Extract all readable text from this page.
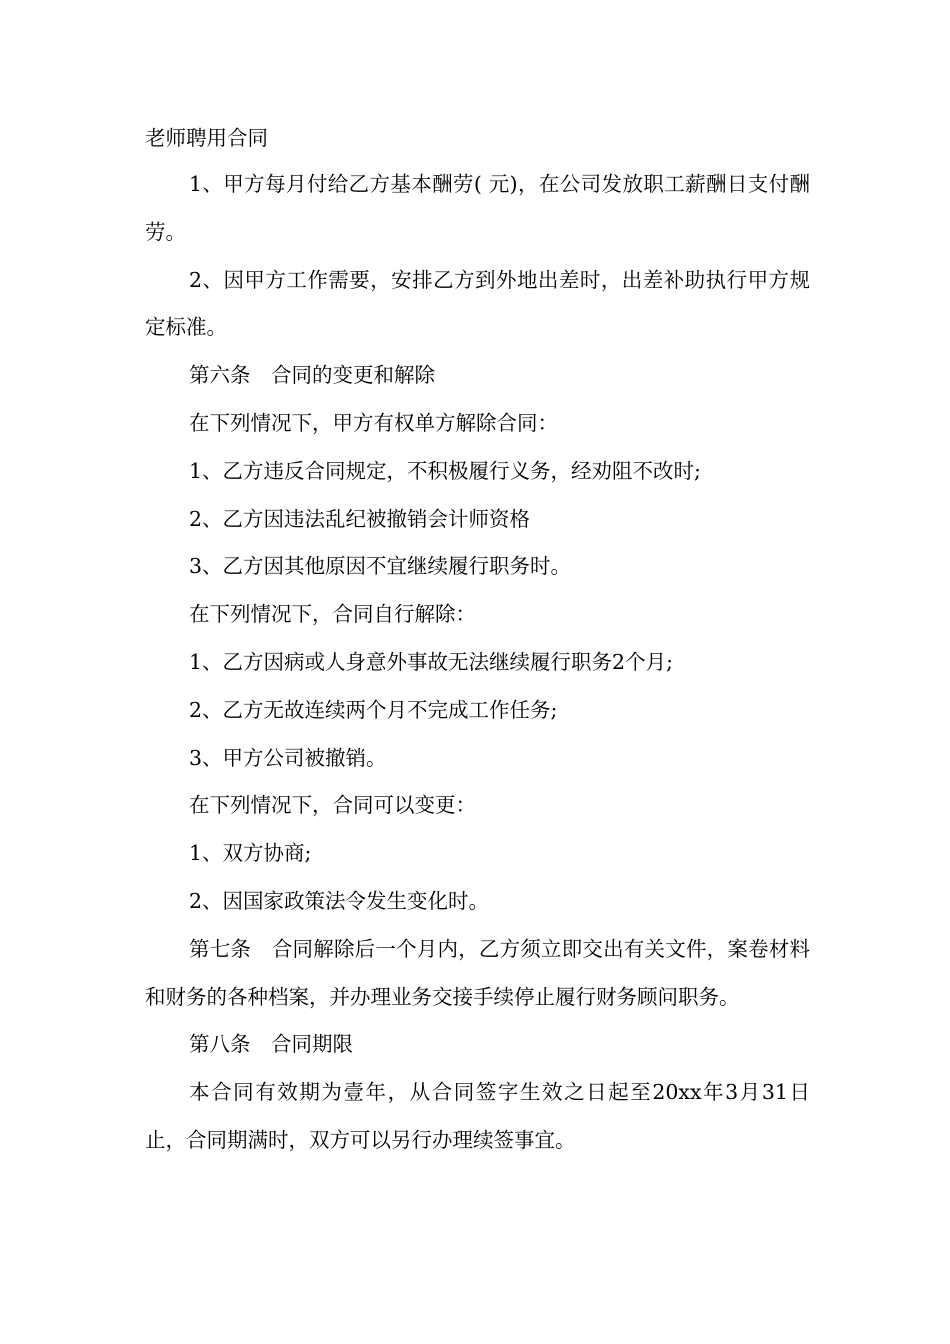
老师聘用合同

1、甲方每月付给乙方基本酬劳( 元)，在公司发放职工薪酬日支付酬劳。

2、因甲方工作需要，安排乙方到外地出差时，出差补助执行甲方规定标准。

第六条　合同的变更和解除

在下列情况下，甲方有权单方解除合同：

1、乙方违反合同规定，不积极履行义务，经劝阻不改时;

2、乙方因违法乱纪被撤销会计师资格

3、乙方因其他原因不宜继续履行职务时。

在下列情况下，合同自行解除：

1、乙方因病或人身意外事故无法继续履行职务2个月;

2、乙方无故连续两个月不完成工作任务;

3、甲方公司被撤销。

在下列情况下，合同可以变更：

1、双方协商;

2、因国家政策法令发生变化时。

第七条　合同解除后一个月内，乙方须立即交出有关文件，案卷材料和财务的各种档案，并办理业务交接手续停止履行财务顾问职务。

第八条　合同期限

本合同有效期为壹年，从合同签字生效之日起至20xx年3月31日止，合同期满时，双方可以另行办理续签事宜。
